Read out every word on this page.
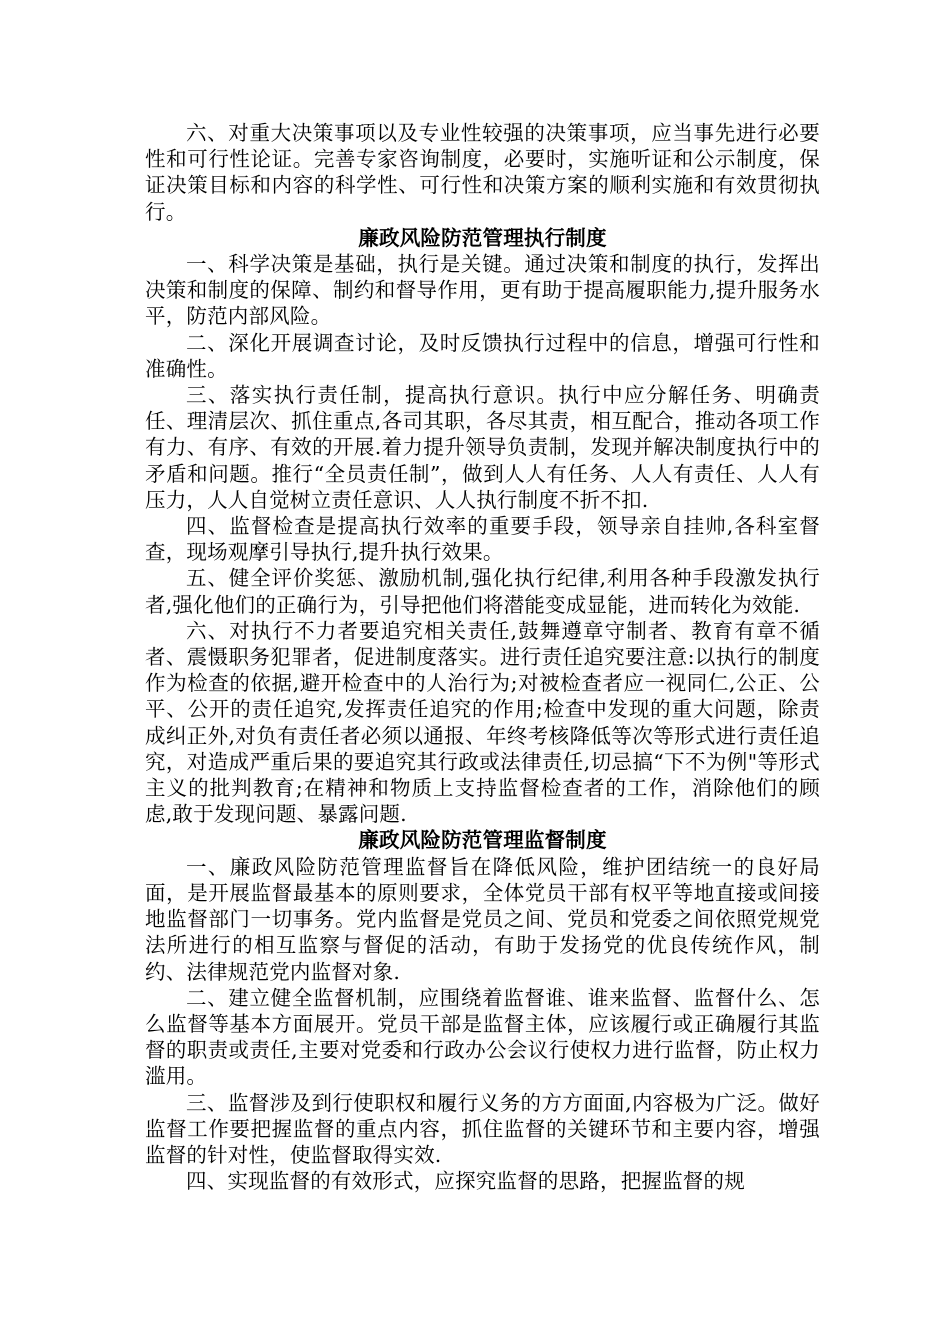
六、对重大决策事项以及专业性较强的决策事项，应当事先进行必要性和可行性论证。完善专家咨询制度，必要时，实施听证和公示制度，保证决策目标和内容的科学性、可行性和决策方案的顺利实施和有效贯彻执行。

廉政风险防范管理执行制度

一、科学决策是基础，执行是关键。通过决策和制度的执行，发挥出决策和制度的保障、制约和督导作用，更有助于提高履职能力,提升服务水平，防范内部风险。

二、深化开展调查讨论，及时反馈执行过程中的信息，增强可行性和准确性。

三、落实执行责任制，提高执行意识。执行中应分解任务、明确责任、理清层次、抓住重点,各司其职，各尽其责，相互配合，推动各项工作有力、有序、有效的开展.着力提升领导负责制，发现并解决制度执行中的矛盾和问题。推行“全员责任制”，做到人人有任务、人人有责任、人人有压力，人人自觉树立责任意识、人人执行制度不折不扣.

四、监督检查是提高执行效率的重要手段，领导亲自挂帅,各科室督查，现场观摩引导执行,提升执行效果。

五、健全评价奖惩、激励机制,强化执行纪律,利用各种手段激发执行者,强化他们的正确行为，引导把他们将潜能变成显能，进而转化为效能.

六、对执行不力者要追究相关责任,鼓舞遵章守制者、教育有章不循者、震慑职务犯罪者，促进制度落实。进行责任追究要注意:以执行的制度作为检查的依据,避开检查中的人治行为;对被检查者应一视同仁,公正、公平、公开的责任追究,发挥责任追究的作用;检查中发现的重大问题，除责成纠正外,对负有责任者必须以通报、年终考核降低等次等形式进行责任追究，对造成严重后果的要追究其行政或法律责任,切忌搞“下不为例"等形式主义的批判教育;在精神和物质上支持监督检查者的工作，消除他们的顾虑,敢于发现问题、暴露问题.

廉政风险防范管理监督制度

一、廉政风险防范管理监督旨在降低风险，维护团结统一的良好局面，是开展监督最基本的原则要求，全体党员干部有权平等地直接或间接地监督部门一切事务。党内监督是党员之间、党员和党委之间依照党规党法所进行的相互监察与督促的活动，有助于发扬党的优良传统作风，制约、法律规范党内监督对象.

二、建立健全监督机制，应围绕着监督谁、谁来监督、监督什么、怎么监督等基本方面展开。党员干部是监督主体，应该履行或正确履行其监督的职责或责任,主要对党委和行政办公会议行使权力进行监督，防止权力滥用。

三、监督涉及到行使职权和履行义务的方方面面,内容极为广泛。做好监督工作要把握监督的重点内容，抓住监督的关键环节和主要内容，增强监督的针对性，使监督取得实效.

四、实现监督的有效形式，应探究监督的思路，把握监督的规
